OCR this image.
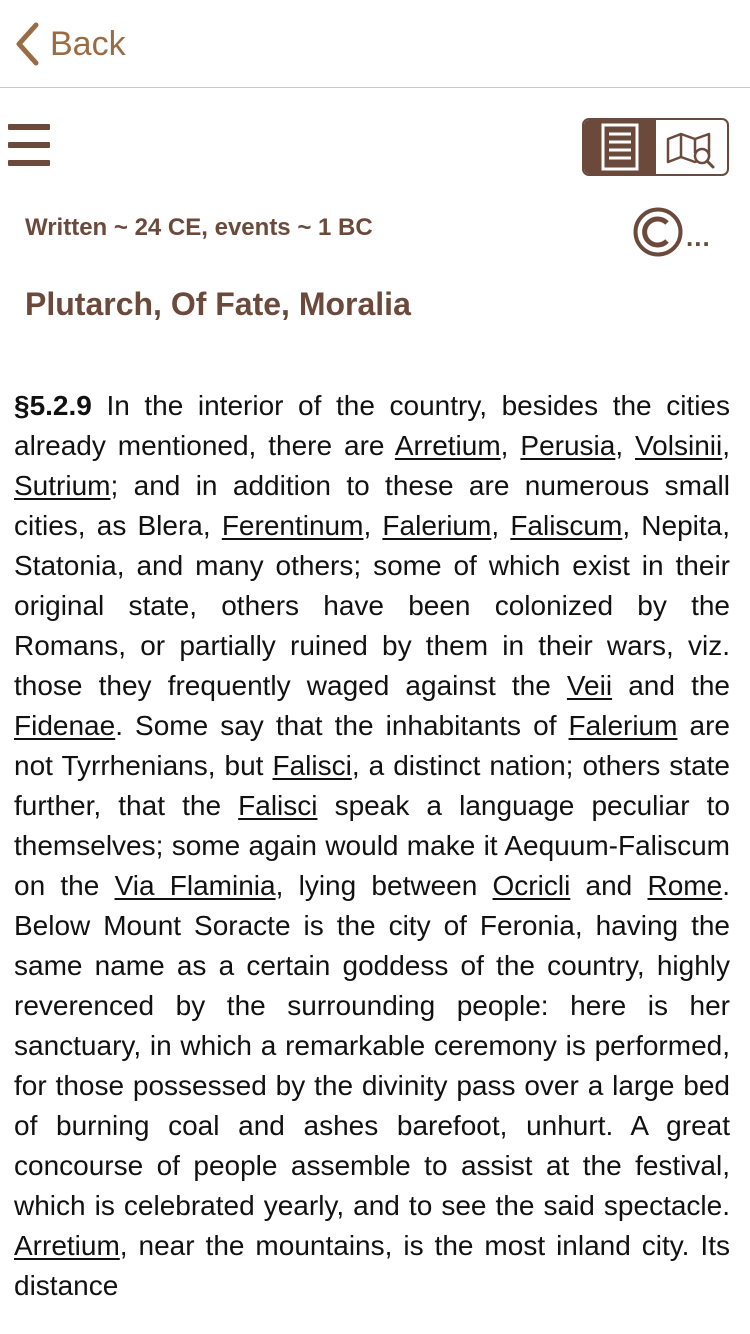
Back
Written ~ 24 CE, events ~ 1 BC	...
Plutarch, Of Fate, Moralia
§5.2.9 In the interior of the country, besides the cities already mentioned, there are Arretium, Perusia, Volsinii, Sutrium; and in addition to these are numerous small cities, as Blera, Ferentinum, Falerium, Faliscum, Nepita, Statonia, and many others; some of which exist in their original state, others have been colonized by the Romans, or partially ruined by them in their wars, viz. those they frequently waged against the Veii and the Fidenae. Some say that the inhabitants of Falerium are not Tyrrhenians, but Falisci, a distinct nation; others state further, that the Falisci speak a language peculiar to themselves; some again would make it Aequum-Faliscum on the Via Flaminia, lying between Ocricli and Rome. Below Mount Soracte is the city of Feronia, having the same name as a certain goddess of the country, highly reverenced by the surrounding people: here is her sanctuary, in which a remarkable ceremony is performed, for those possessed by the divinity pass over a large bed of burning coal and ashes barefoot, unhurt. A great concourse of people assemble to assist at the festival, which is celebrated yearly, and to see the said spectacle. Arretium, near the mountains, is the most inland city. Its distance
